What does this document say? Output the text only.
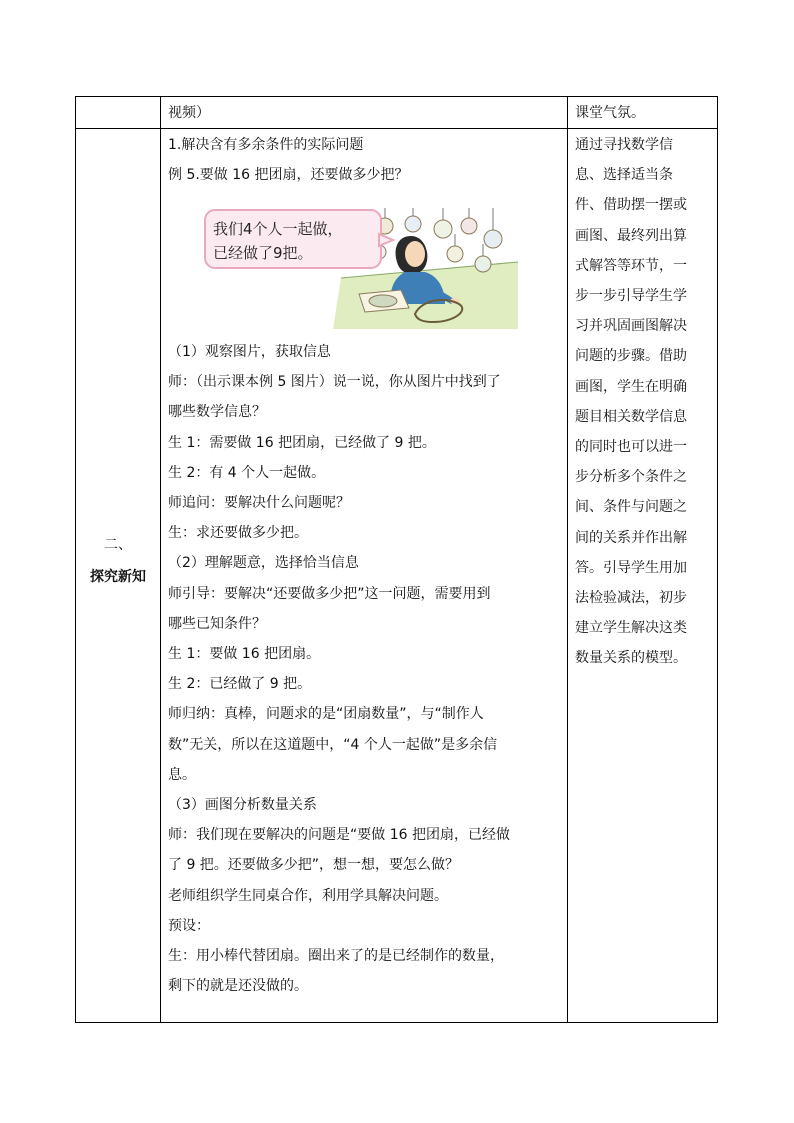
视频）	课堂气氛。

二、
探究新知

1.解决含有多余条件的实际问题

例 5.要做 16 把团扇，还要做多少把？

（1）观察图片，获取信息

师：（出示课本例 5 图片）说一说，你从图片中找到了

哪些数学信息？

生 1：需要做 16 把团扇，已经做了 9 把。

生 2：有 4 个人一起做。

师追问：要解决什么问题呢？

生：求还要做多少把。

（2）理解题意，选择恰当信息

师引导：要解决“还要做多少把”这一问题，需要用到

哪些已知条件？

生 1：要做 16 把团扇。

生 2：已经做了 9 把。

师归纳：真棒，问题求的是“团扇数量”，与“制作人

数”无关，所以在这道题中，“4 个人一起做”是多余信

息。

（3）画图分析数量关系

师：我们现在要解决的问题是“要做 16 把团扇，已经做

了 9 把。还要做多少把”，想一想，要怎么做？

老师组织学生同桌合作，利用学具解决问题。

预设：

生：用小棒代替团扇。圈出来了的是已经制作的数量，

剩下的就是还没做的。

通过寻找数学信

息、选择适当条

件、借助摆一摆或

画图、最终列出算

式解答等环节，一

步一步引导学生学

习并巩固画图解决

问题的步骤。借助

画图，学生在明确

题目相关数学信息

的同时也可以进一

步分析多个条件之

间、条件与问题之

间的关系并作出解

答。引导学生用加

法检验减法，初步

建立学生解决这类

数量关系的模型。

我们4个人一起做，
已经做了9把。
